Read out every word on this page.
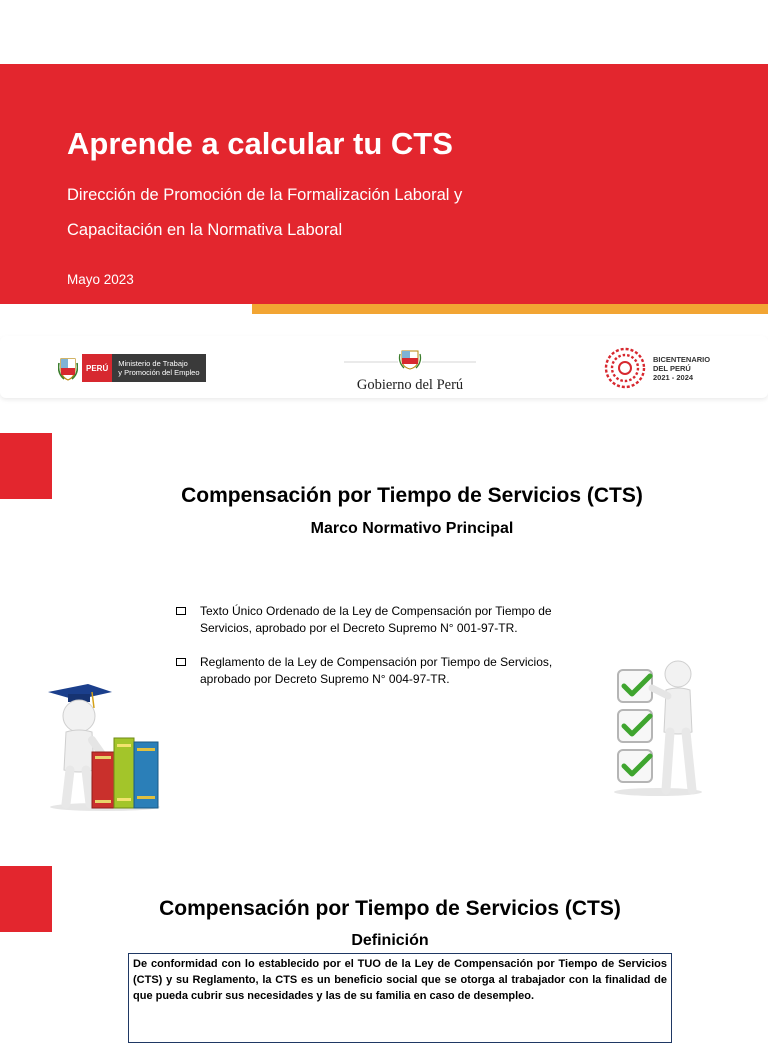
Aprende a calcular tu CTS
Dirección de Promoción de la Formalización Laboral y
Capacitación en la Normativa Laboral
Mayo 2023
PERÚ	Ministerio de Trabajo
y Promoción del Empleo
Gobierno del Perú
BICENTENARIO
DEL PERÚ
2021 - 2024
Compensación por Tiempo de Servicios (CTS)
Marco Normativo Principal
Texto Único Ordenado de la Ley de Compensación por Tiempo de Servicios, aprobado por el Decreto Supremo N° 001-97-TR.
Reglamento de la Ley de Compensación por Tiempo de Servicios, aprobado por Decreto Supremo N° 004-97-TR.
Compensación por Tiempo de Servicios (CTS)
Definición
De conformidad con lo establecido por el TUO de la Ley de Compensación por Tiempo de Servicios (CTS) y su Reglamento, la CTS es un beneficio social que se otorga al trabajador con la finalidad de que pueda cubrir sus necesidades y las de su familia en caso de desempleo.
